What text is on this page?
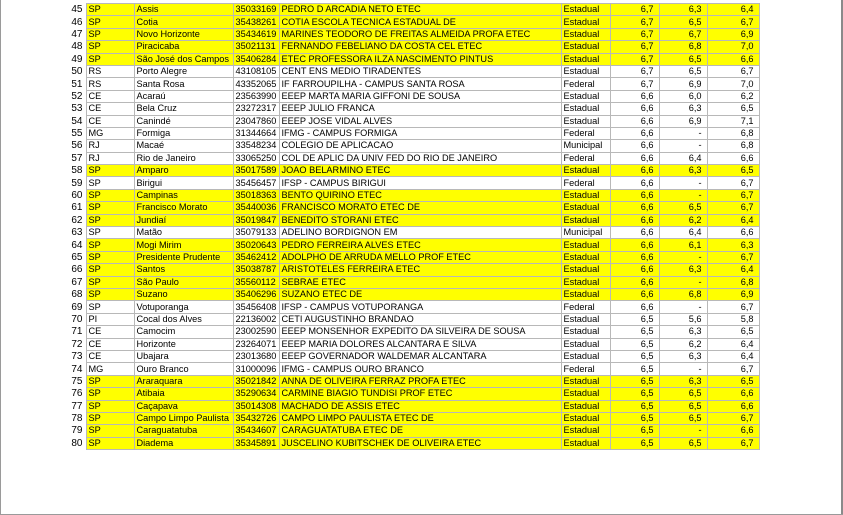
45	SP	Assis	35033169	PEDRO D ARCADIA NETO ETEC	Estadual	6,7	6,3	6,4
46	SP	Cotia	35438261	COTIA ESCOLA TECNICA ESTADUAL DE	Estadual	6,7	6,5	6,7
47	SP	Novo Horizonte	35434619	MARINES TEODORO DE FREITAS ALMEIDA PROFA ETEC	Estadual	6,7	6,7	6,9
48	SP	Piracicaba	35021131	FERNANDO FEBELIANO DA COSTA CEL ETEC	Estadual	6,7	6,8	7,0
49	SP	São José dos Campos	35406284	ETEC PROFESSORA ILZA NASCIMENTO PINTUS	Estadual	6,7	6,5	6,6
50	RS	Porto Alegre	43108105	CENT ENS MEDIO TIRADENTES	Estadual	6,7	6,5	6,7
51	RS	Santa Rosa	43352065	IF FARROUPILHA - CAMPUS SANTA ROSA	Federal	6,7	6,9	7,0
52	CE	Acaraú	23563990	EEEP MARTA MARIA GIFFONI DE SOUSA	Estadual	6,6	6,0	6,2
53	CE	Bela Cruz	23272317	EEEP JULIO FRANCA	Estadual	6,6	6,3	6,5
54	CE	Canindé	23047860	EEEP JOSE VIDAL ALVES	Estadual	6,6	6,9	7,1
55	MG	Formiga	31344664	IFMG - CAMPUS FORMIGA	Federal	6,6	-	6,8
56	RJ	Macaé	33548234	COLEGIO DE APLICACAO	Municipal	6,6	-	6,8
57	RJ	Rio de Janeiro	33065250	COL DE APLIC DA UNIV FED DO RIO DE JANEIRO	Federal	6,6	6,4	6,6
58	SP	Amparo	35017589	JOAO BELARMINO ETEC	Estadual	6,6	6,3	6,5
59	SP	Birigui	35456457	IFSP - CAMPUS BIRIGUI	Federal	6,6	-	6,7
60	SP	Campinas	35018363	BENTO QUIRINO ETEC	Estadual	6,6	-	6,7
61	SP	Francisco Morato	35440036	FRANCISCO MORATO ETEC DE	Estadual	6,6	6,5	6,7
62	SP	Jundiaí	35019847	BENEDITO STORANI ETEC	Estadual	6,6	6,2	6,4
63	SP	Matão	35079133	ADELINO BORDIGNON EM	Municipal	6,6	6,4	6,6
64	SP	Mogi Mirim	35020643	PEDRO FERREIRA ALVES ETEC	Estadual	6,6	6,1	6,3
65	SP	Presidente Prudente	35462412	ADOLPHO DE ARRUDA MELLO PROF ETEC	Estadual	6,6	-	6,7
66	SP	Santos	35038787	ARISTOTELES FERREIRA ETEC	Estadual	6,6	6,3	6,4
67	SP	São Paulo	35560112	SEBRAE ETEC	Estadual	6,6	-	6,8
68	SP	Suzano	35406296	SUZANO ETEC DE	Estadual	6,6	6,8	6,9
69	SP	Votuporanga	35456408	IFSP - CAMPUS VOTUPORANGA	Federal	6,6	-	6,7
70	PI	Cocal dos Alves	22136002	CETI AUGUSTINHO BRANDAO	Estadual	6,5	5,6	5,8
71	CE	Camocim	23002590	EEEP MONSENHOR EXPEDITO DA SILVEIRA DE SOUSA	Estadual	6,5	6,3	6,5
72	CE	Horizonte	23264071	EEEP MARIA DOLORES ALCANTARA E SILVA	Estadual	6,5	6,2	6,4
73	CE	Ubajara	23013680	EEEP GOVERNADOR WALDEMAR ALCANTARA	Estadual	6,5	6,3	6,4
74	MG	Ouro Branco	31000096	IFMG - CAMPUS OURO BRANCO	Federal	6,5	-	6,7
75	SP	Araraquara	35021842	ANNA DE OLIVEIRA FERRAZ PROFA ETEC	Estadual	6,5	6,3	6,5
76	SP	Atibaia	35290634	CARMINE BIAGIO TUNDISI PROF ETEC	Estadual	6,5	6,5	6,6
77	SP	Caçapava	35014308	MACHADO DE ASSIS ETEC	Estadual	6,5	6,5	6,6
78	SP	Campo Limpo Paulista	35432726	CAMPO LIMPO PAULISTA ETEC DE	Estadual	6,5	6,5	6,7
79	SP	Caraguatatuba	35434607	CARAGUATATUBA ETEC DE	Estadual	6,5	-	6,6
80	SP	Diadema	35345891	JUSCELINO KUBITSCHEK DE OLIVEIRA ETEC	Estadual	6,5	6,5	6,7
